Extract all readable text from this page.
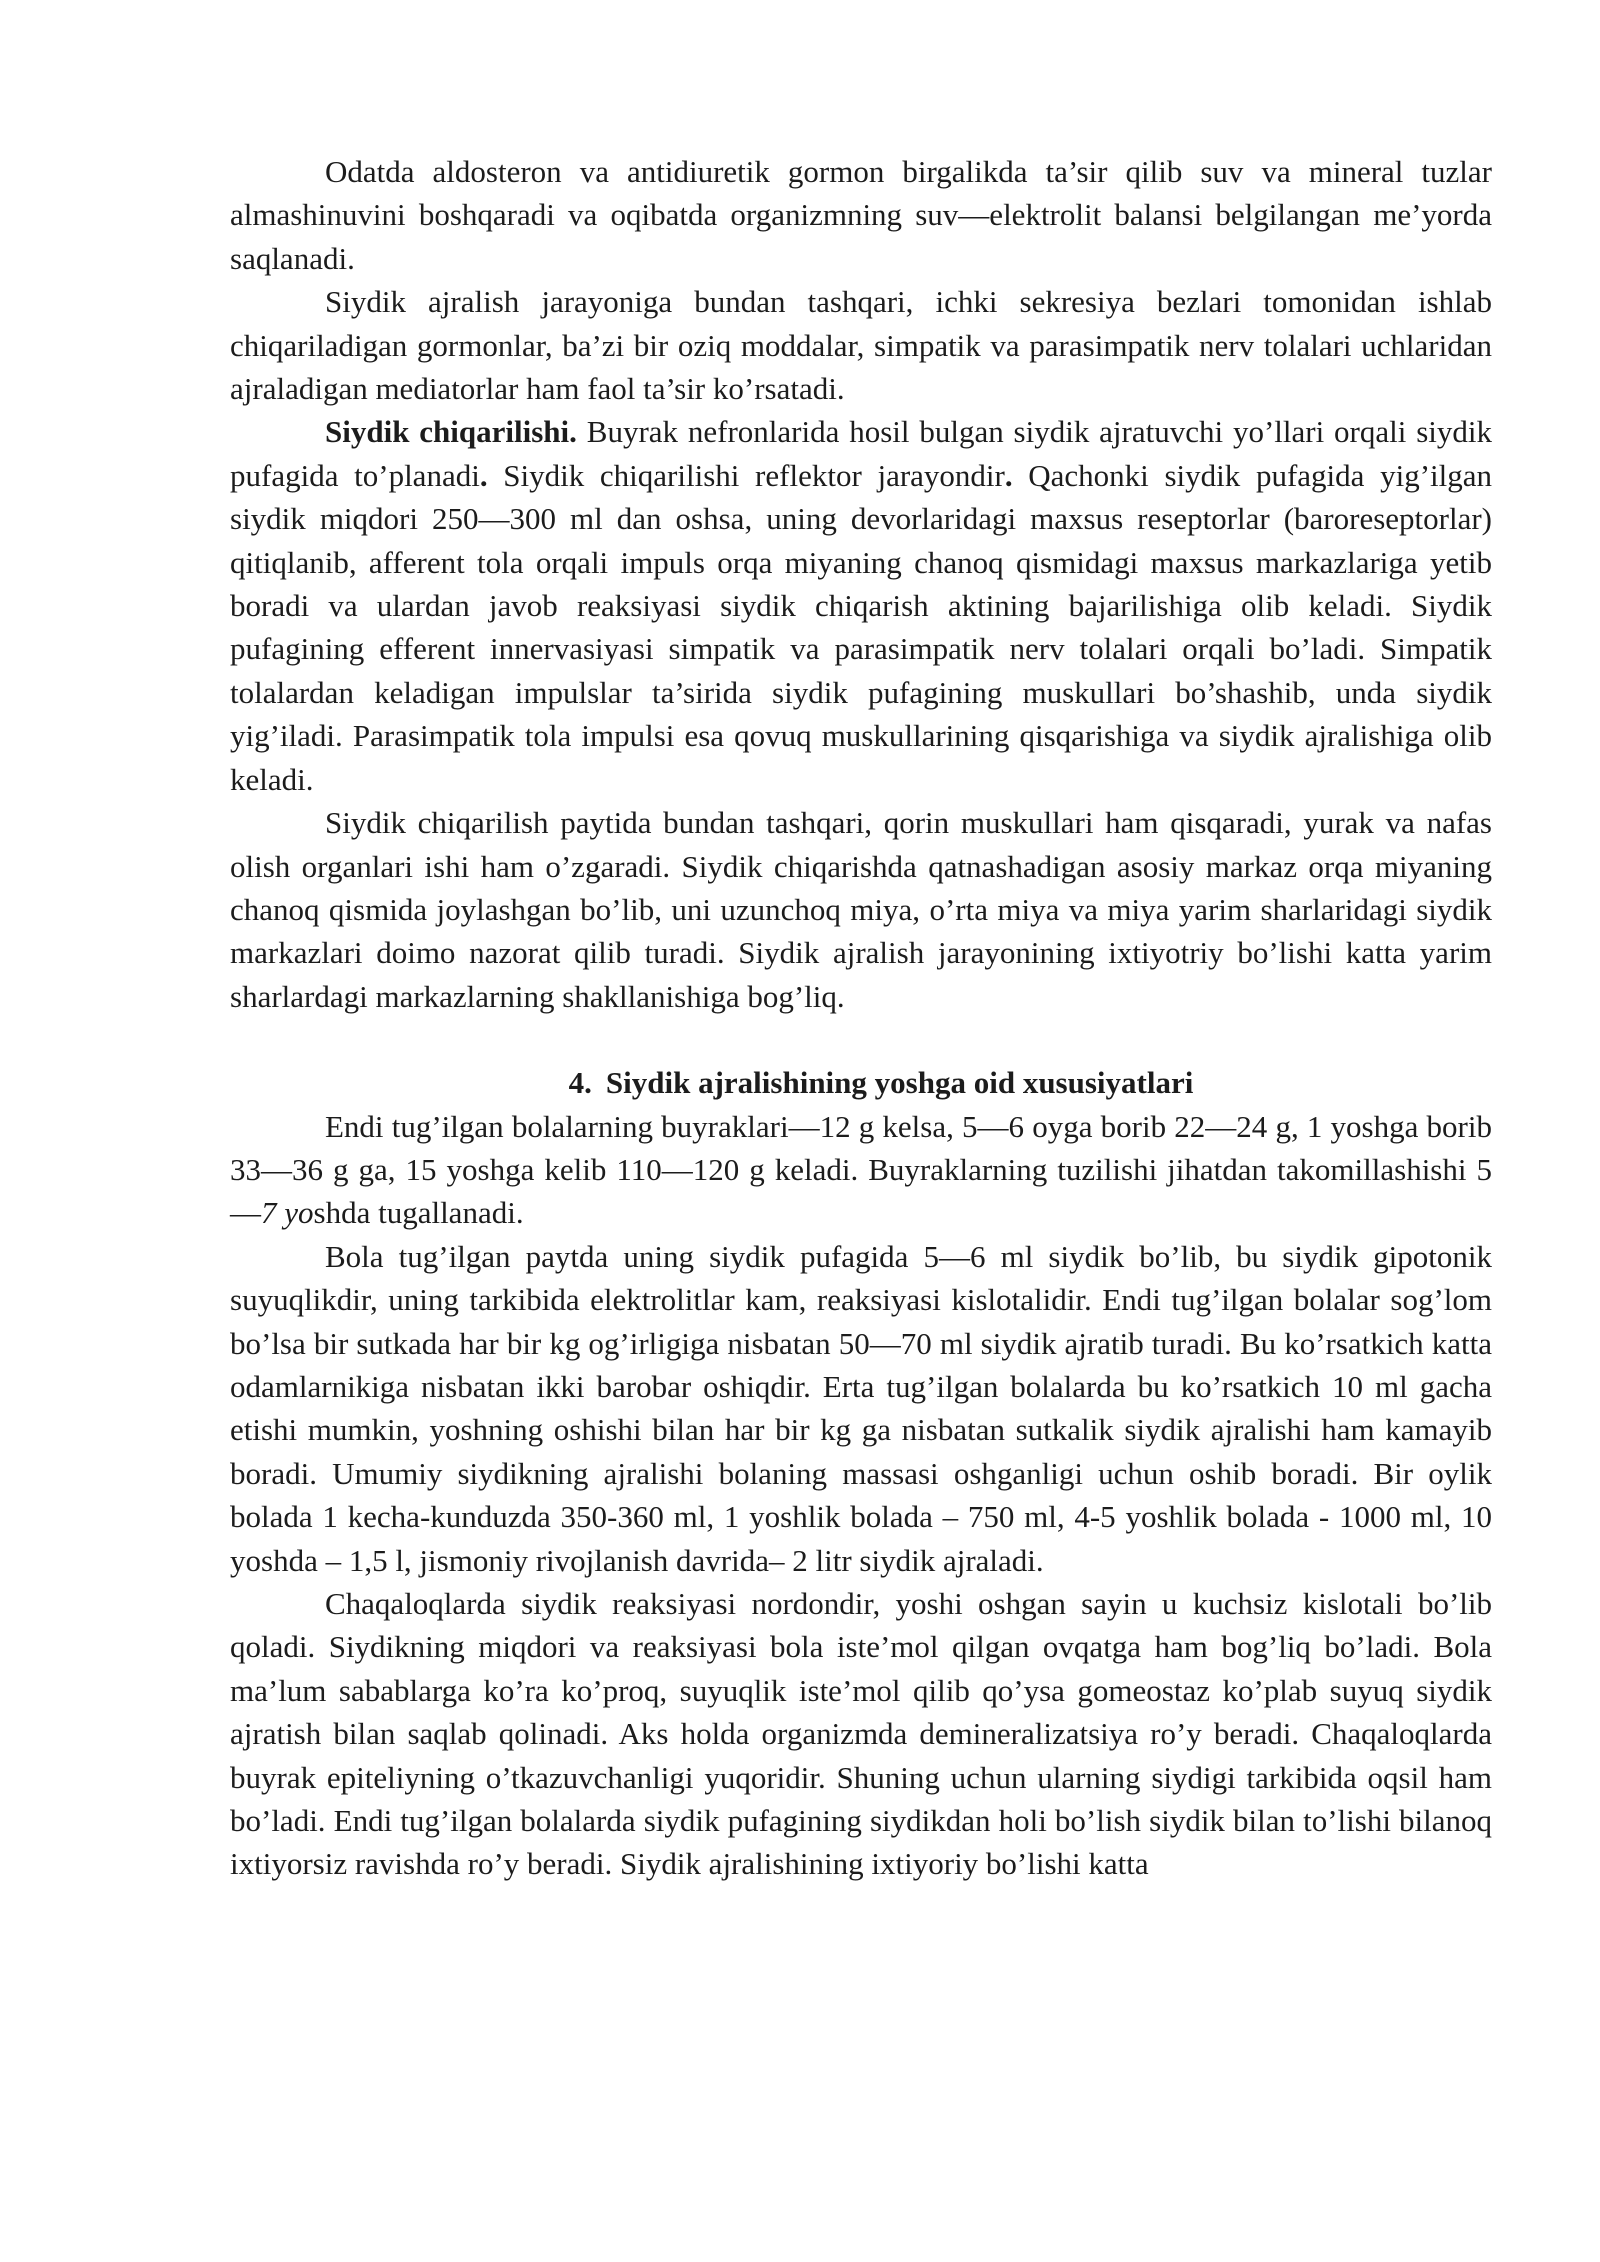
Odatda aldosteron va antidiuretik gormon birgalikda ta’sir qilib suv va mineral tuzlar almashinuvini boshqaradi va oqibatda organizmning suv—elektrolit balansi belgilangan me’yorda saqlanadi.

Siydik ajralish jarayoniga bundan tashqari, ichki sekresiya bezlari tomonidan ishlab chiqariladigan gormonlar, ba’zi bir oziq moddalar, simpatik va parasimpatik nerv tolalari uchlaridan ajraladigan mediatorlar ham faol ta’sir ko’rsatadi.

Siydik chiqarilishi. Buyrak nefronlarida hosil bulgan siydik ajratuvchi yo’llari orqali siydik pufagida to’planadi. Siydik chiqarilishi reflektor jarayondir. Qachonki siydik pufagida yig’ilgan siydik miqdori 250—300 ml dan oshsa, uning devorlaridagi maxsus reseptorlar (baroreseptorlar) qitiqlanib, afferent tola orqali impuls orqa miyaning chanoq qismidagi maxsus markazlariga yetib boradi va ulardan javob reaksiyasi siydik chiqarish aktining bajarilishiga olib keladi. Siydik pufagining efferent innervasiyasi simpatik va parasimpatik nerv tolalari orqali bo’ladi. Simpatik tolalardan keladigan impulslar ta’sirida siydik pufagining muskullari bo’shashib, unda siydik yig’iladi. Parasimpatik tola impulsi esa qovuq muskullarining qisqarishiga va siydik ajralishiga olib keladi.

Siydik chiqarilish paytida bundan tashqari, qorin muskullari ham qisqaradi, yurak va nafas olish organlari ishi ham o’zgaradi. Siydik chiqarishda qatnashadigan asosiy markaz orqa miyaning chanoq qismida joylashgan bo’lib, uni uzunchoq miya, o’rta miya va miya yarim sharlaridagi siydik markazlari doimo nazorat qilib turadi. Siydik ajralish jarayonining ixtiyotriy bo’lishi katta yarim sharlardagi markazlarning shakllanishiga bog’liq.

4. Siydik ajralishining yoshga oid xususiyatlari

Endi tug’ilgan bolalarning buyraklari—12 g kelsa, 5—6 oyga borib 22—24 g, 1 yoshga borib 33—36 g ga, 15 yoshga kelib 110—120 g keladi. Buyraklarning tuzilishi jihatdan takomillashishi 5—7 yoshda tugallanadi.

Bola tug’ilgan paytda uning siydik pufagida 5—6 ml siydik bo’lib, bu siydik gipotonik suyuqlikdir, uning tarkibida elektrolitlar kam, reaksiyasi kislotalidir. Endi tug’ilgan bolalar sog’lom bo’lsa bir sutkada har bir kg og’irligiga nisbatan 50—70 ml siydik ajratib turadi. Bu ko’rsatkich katta odamlarnikiga nisbatan ikki barobar oshiqdir. Erta tug’ilgan bolalarda bu ko’rsatkich 10 ml gacha etishi mumkin, yoshning oshishi bilan har bir kg ga nisbatan sutkalik siydik ajralishi ham kamayib boradi. Umumiy siydikning ajralishi bolaning massasi oshganligi uchun oshib boradi. Bir oylik bolada 1 kecha-kunduzda 350-360 ml, 1 yoshlik bolada – 750 ml, 4-5 yoshlik bolada - 1000 ml, 10 yoshda – 1,5 l, jismoniy rivojlanish davrida– 2 litr siydik ajraladi.

Chaqaloqlarda siydik reaksiyasi nordondir, yoshi oshgan sayin u kuchsiz kislotali bo’lib qoladi. Siydikning miqdori va reaksiyasi bola iste’mol qilgan ovqatga ham bog’liq bo’ladi. Bola ma’lum sabablarga ko’ra ko’proq, suyuqlik iste’mol qilib qo’ysa gomeostaz ko’plab suyuq siydik ajratish bilan saqlab qolinadi. Aks holda organizmda demineralizatsiya ro’y beradi. Chaqaloqlarda buyrak epiteliyning o’tkazuvchanligi yuqoridir. Shuning uchun ularning siydigi tarkibida oqsil ham bo’ladi. Endi tug’ilgan bolalarda siydik pufagining siydikdan holi bo’lish siydik bilan to’lishi bilanoq ixtiyorsiz ravishda ro’y beradi. Siydik ajralishining ixtiyoriy bo’lishi katta
